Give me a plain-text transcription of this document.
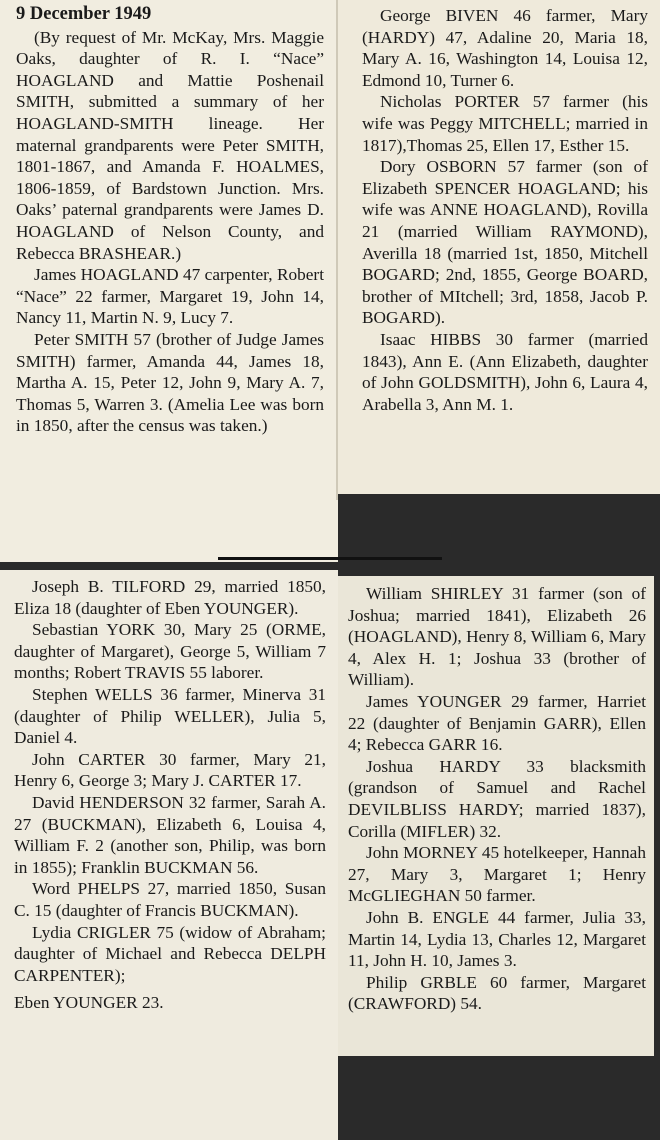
9 December 1949

(By request of Mr. McKay, Mrs. Maggie Oaks, daughter of R. I. “Nace” HOAGLAND and Mattie Poshenail SMITH, submitted a summary of her HOAGLAND-SMITH lineage. Her maternal grandparents were Peter SMITH, 1801-1867, and Amanda F. HOALMES, 1806-1859, of Bardstown Junction. Mrs. Oaks’ paternal grandparents were James D. HOAGLAND of Nelson County, and Rebecca BRASHEAR.)

James HOAGLAND 47 carpenter, Robert “Nace” 22 farmer, Margaret 19, John 14, Nancy 11, Martin N. 9, Lucy 7.

Peter SMITH 57 (brother of Judge James SMITH) farmer, Amanda 44, James 18, Martha A. 15, Peter 12, John 9, Mary A. 7, Thomas 5, Warren 3. (Amelia Lee was born in 1850, after the census was taken.)

George BIVEN 46 farmer, Mary (HARDY) 47, Adaline 20, Maria 18, Mary A. 16, Washington 14, Louisa 12, Edmond 10, Turner 6.

Nicholas PORTER 57 farmer (his wife was Peggy MITCHELL; married in 1817),Thomas 25, Ellen 17, Esther 15.

Dory OSBORN 57 farmer (son of Elizabeth SPENCER HOAGLAND; his wife was ANNE HOAGLAND), Rovilla 21 (married William RAYMOND), Averilla 18 (married 1st, 1850, Mitchell BOGARD; 2nd, 1855, George BOARD, brother of MItchell; 3rd, 1858, Jacob P. BOGARD).

Isaac HIBBS 30 farmer (married 1843), Ann E. (Ann Elizabeth, daughter of John GOLDSMITH), John 6, Laura 4, Arabella 3, Ann M. 1.

Joseph B. TILFORD 29, married 1850, Eliza 18 (daughter of Eben YOUNGER).

Sebastian YORK 30, Mary 25 (ORME, daughter of Margaret), George 5, William 7 months; Robert TRAVIS 55 laborer.

Stephen WELLS 36 farmer, Minerva 31 (daughter of Philip WELLER), Julia 5, Daniel 4.

John CARTER 30 farmer, Mary 21, Henry 6, George 3; Mary J. CARTER 17.

David HENDERSON 32 farmer, Sarah A. 27 (BUCKMAN), Elizabeth 6, Louisa 4, William F. 2 (another son, Philip, was born in 1855); Franklin BUCKMAN 56.

Word PHELPS 27, married 1850, Susan C. 15 (daughter of Francis BUCKMAN).

Lydia CRIGLER 75 (widow of Abraham; daughter of Michael and Rebecca DELPH CARPENTER);

Eben YOUNGER 23.

William SHIRLEY 31 farmer (son of Joshua; married 1841), Elizabeth 26 (HOAGLAND), Henry 8, William 6, Mary 4, Alex H. 1; Joshua 33 (brother of William).

James YOUNGER 29 farmer, Harriet 22 (daughter of Benjamin GARR), Ellen 4; Rebecca GARR 16.

Joshua HARDY 33 blacksmith (grandson of Samuel and Rachel DEVILBLISS HARDY; married 1837), Corilla (MIFLER) 32.

John MORNEY 45 hotelkeeper, Hannah 27, Mary 3, Margaret 1; Henry McGLIEGHAN 50 farmer.

John B. ENGLE 44 farmer, Julia 33, Martin 14, Lydia 13, Charles 12, Margaret 11, John H. 10, James 3.

Philip GRBLE 60 farmer, Margaret (CRAWFORD) 54.
